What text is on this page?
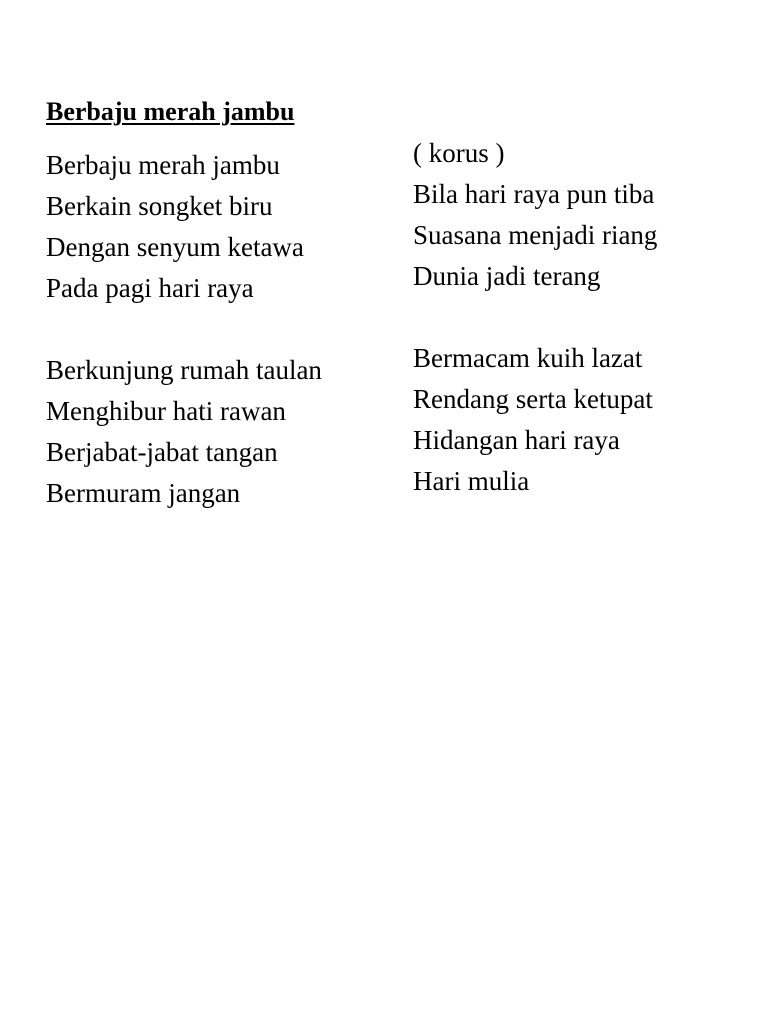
Berbaju merah jambu
Berbaju merah jambu
Berkain songket biru
Dengan senyum ketawa
Pada pagi hari raya
Berkunjung rumah taulan
Menghibur hati rawan
Berjabat-jabat tangan
Bermuram jangan
( korus )
Bila hari raya pun tiba
Suasana menjadi riang
Dunia jadi terang
Bermacam kuih lazat
Rendang serta ketupat
Hidangan hari raya
Hari mulia
